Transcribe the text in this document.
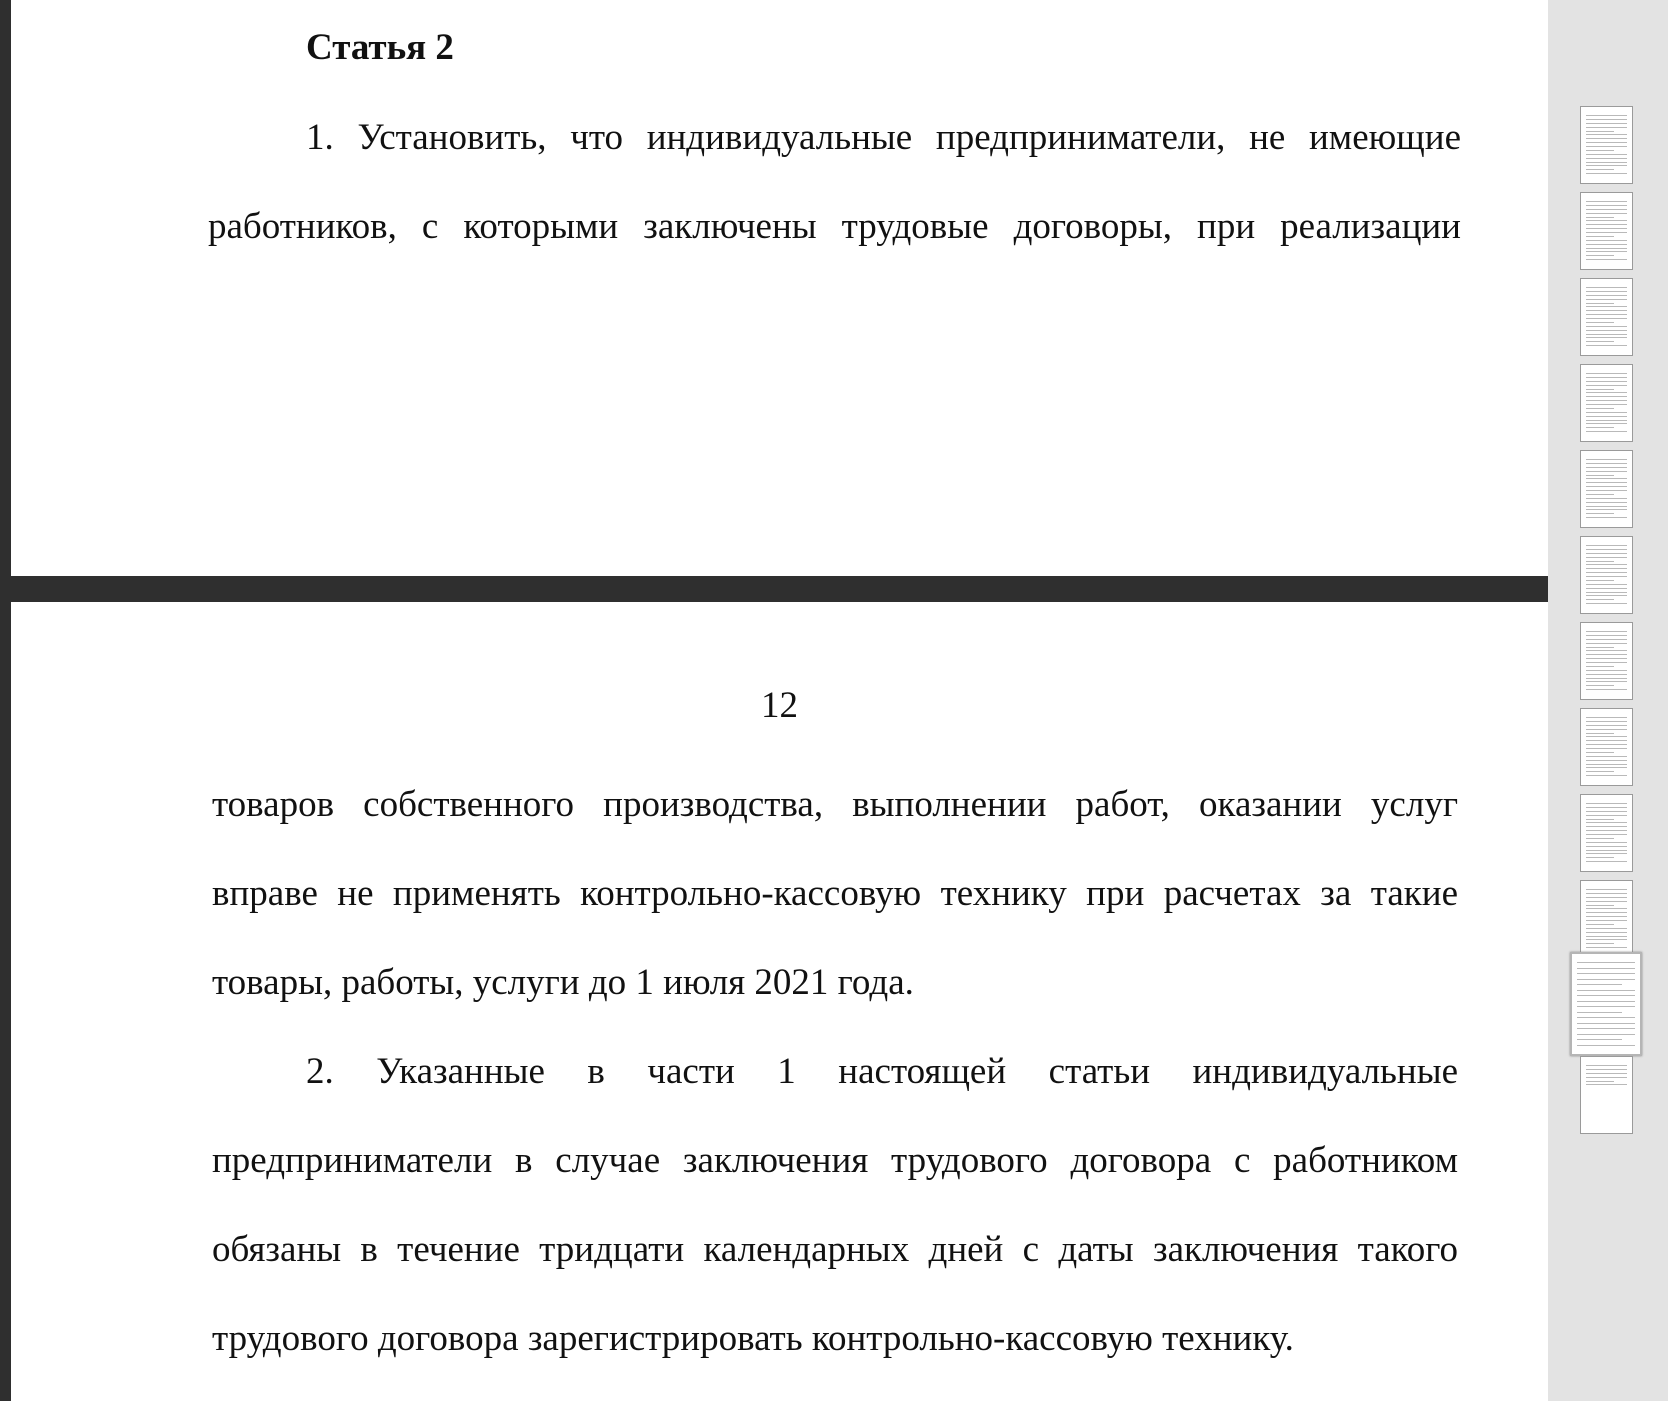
Статья 2
1. Установить, что индивидуальные предприниматели, не имеющие
работников, с которыми заключены трудовые договоры, при реализации
12
товаров собственного производства, выполнении работ, оказании услуг
вправе не применять контрольно-кассовую технику при расчетах за такие
товары, работы, услуги до 1 июля 2021 года.
2. Указанные в части 1 настоящей статьи индивидуальные
предприниматели в случае заключения трудового договора с работником
обязаны в течение тридцати календарных дней с даты заключения такого
трудового договора зарегистрировать контрольно-кассовую технику.
